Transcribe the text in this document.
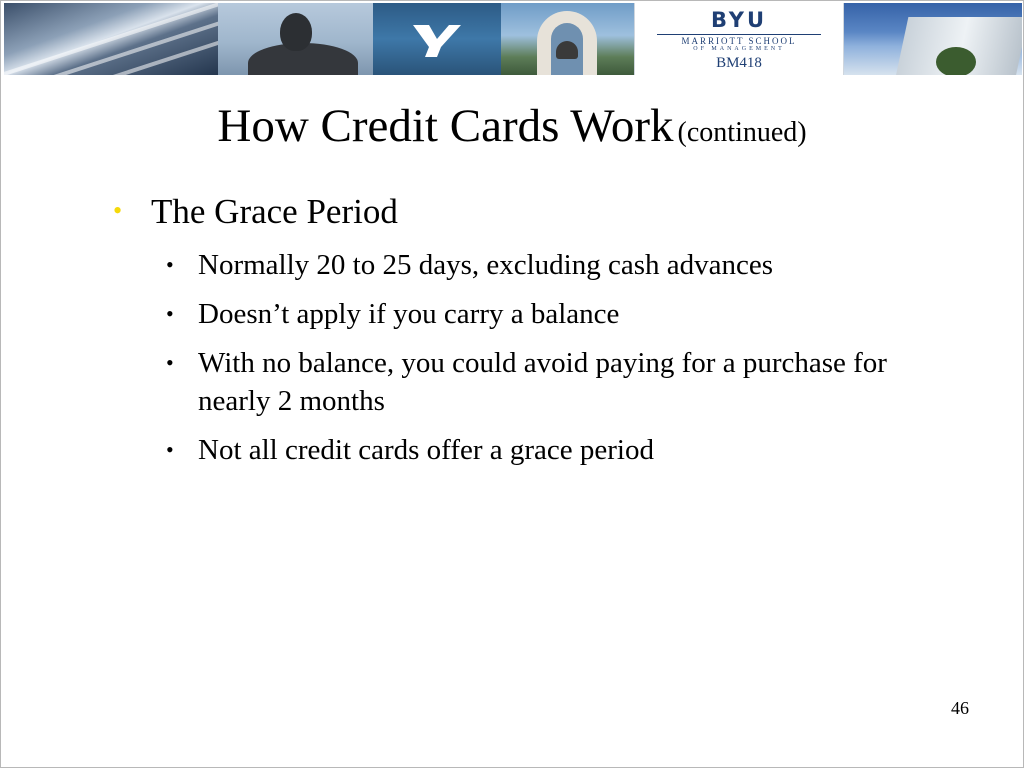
BYU
MARRIOTT SCHOOL
OF MANAGEMENT
BM418
How Credit Cards Work (continued)
• The Grace Period
• Normally 20 to 25 days, excluding cash advances
• Doesn’t apply if you carry a balance
• With no balance, you could avoid paying for a purchase for nearly 2 months
• Not all credit cards offer a grace period
46
